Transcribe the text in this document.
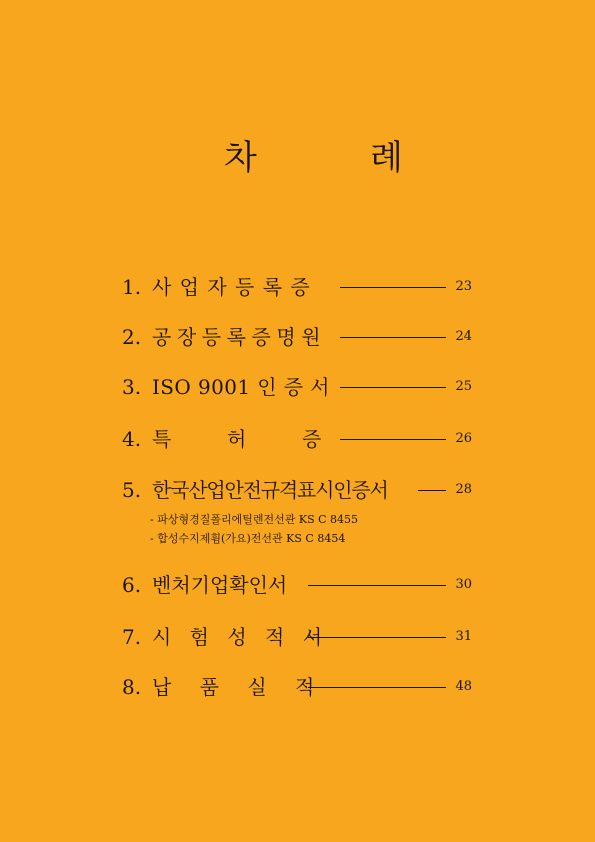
차	례
1. 사 업 자 등 록 증	23
2. 공 장 등 록 증 명 원	24
3. ISO 9001 인 증 서	25
4. 특	허	증	26
5. 한국산업안전규격표시인증서	28
- 파상형경질폴리에틸렌전선관 KS C 8455
- 합성수지제휨(가요)전선관 KS C 8454
6. 벤처기업확인서	30
7. 시 험 성 적 서	31
8. 납 품 실 적	48
